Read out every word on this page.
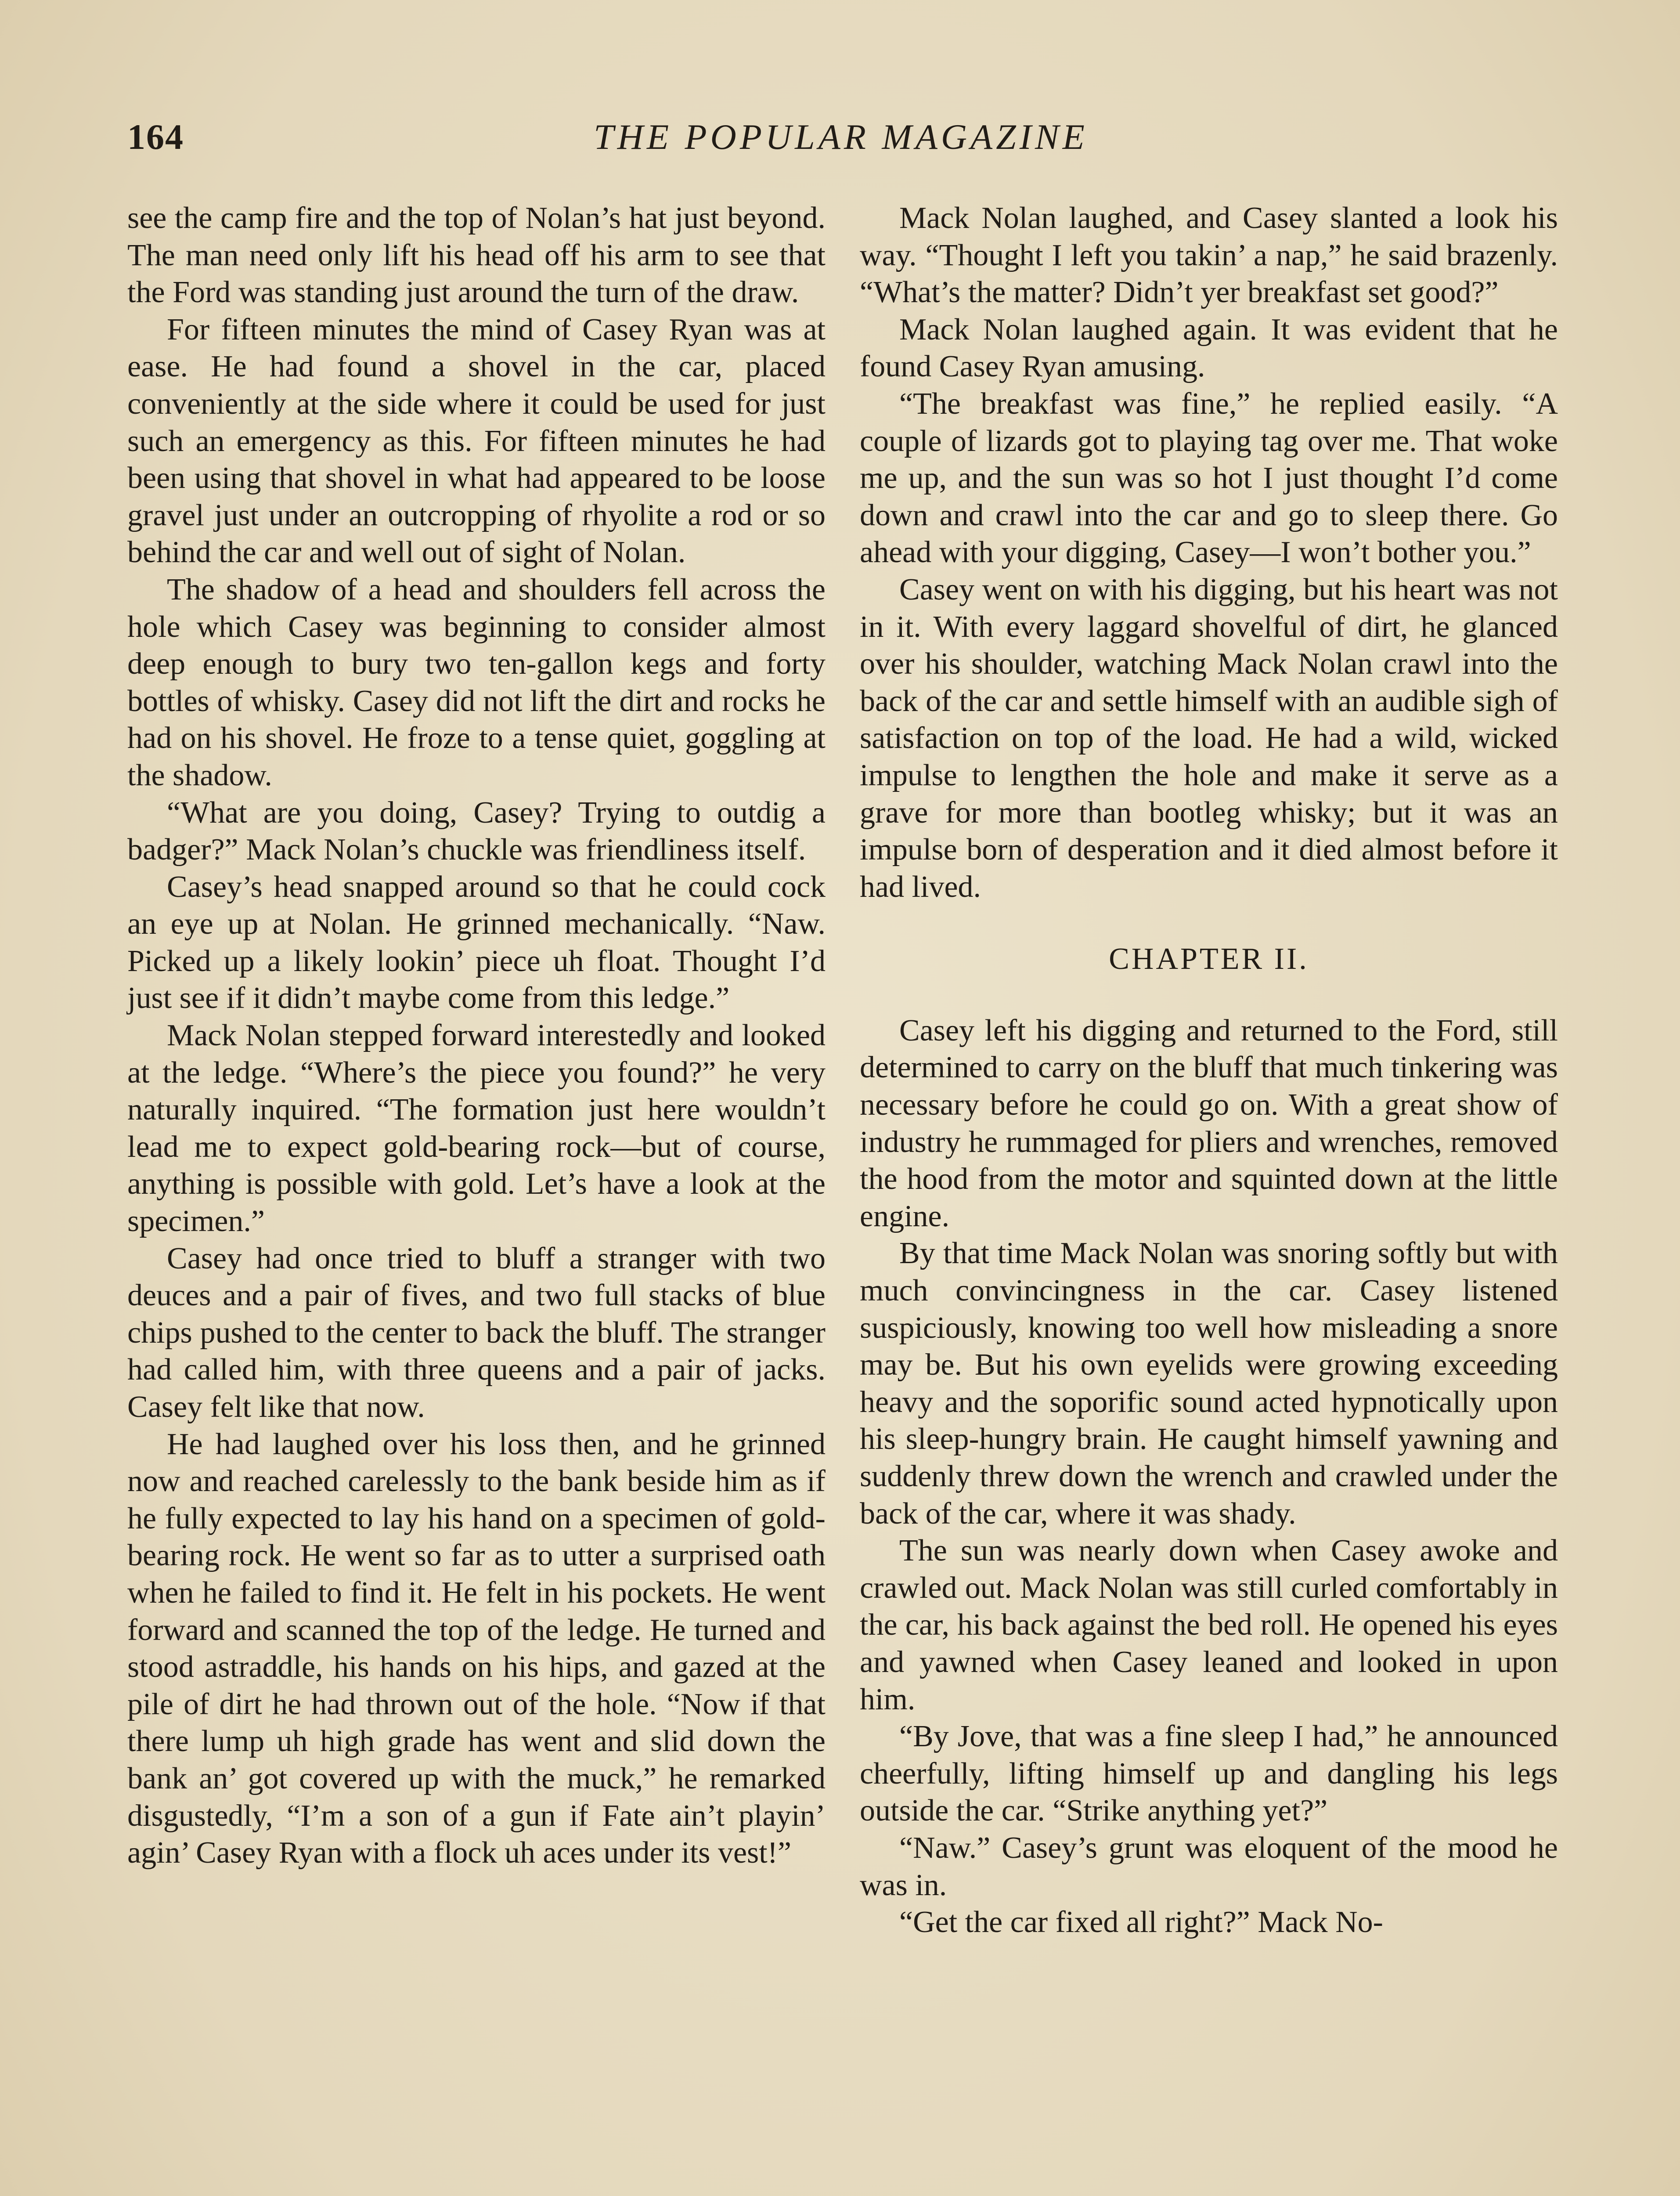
164	THE POPULAR MAGAZINE

see the camp fire and the top of Nolan’s hat just beyond. The man need only lift his head off his arm to see that the Ford was standing just around the turn of the draw.

For fifteen minutes the mind of Casey Ryan was at ease. He had found a shovel in the car, placed conveniently at the side where it could be used for just such an emergency as this. For fifteen minutes he had been using that shovel in what had appeared to be loose gravel just under an outcropping of rhyolite a rod or so behind the car and well out of sight of Nolan.

The shadow of a head and shoulders fell across the hole which Casey was beginning to consider almost deep enough to bury two ten-gallon kegs and forty bottles of whisky. Casey did not lift the dirt and rocks he had on his shovel. He froze to a tense quiet, goggling at the shadow.

“What are you doing, Casey? Trying to outdig a badger?” Mack Nolan’s chuckle was friendliness itself.

Casey’s head snapped around so that he could cock an eye up at Nolan. He grinned mechanically. “Naw. Picked up a likely lookin’ piece uh float. Thought I’d just see if it didn’t maybe come from this ledge.”

Mack Nolan stepped forward interestedly and looked at the ledge. “Where’s the piece you found?” he very naturally inquired. “The formation just here wouldn’t lead me to expect gold-bearing rock—but of course, anything is possible with gold. Let’s have a look at the specimen.”

Casey had once tried to bluff a stranger with two deuces and a pair of fives, and two full stacks of blue chips pushed to the center to back the bluff. The stranger had called him, with three queens and a pair of jacks. Casey felt like that now.

He had laughed over his loss then, and he grinned now and reached carelessly to the bank beside him as if he fully expected to lay his hand on a specimen of gold-bearing rock. He went so far as to utter a surprised oath when he failed to find it. He felt in his pockets. He went forward and scanned the top of the ledge. He turned and stood astraddle, his hands on his hips, and gazed at the pile of dirt he had thrown out of the hole. “Now if that there lump uh high grade has went and slid down the bank an’ got covered up with the muck,” he remarked disgustedly, “I’m a son of a gun if Fate ain’t playin’ agin’ Casey Ryan with a flock uh aces under its vest!”

Mack Nolan laughed, and Casey slanted a look his way. “Thought I left you takin’ a nap,” he said brazenly. “What’s the matter? Didn’t yer breakfast set good?”

Mack Nolan laughed again. It was evident that he found Casey Ryan amusing.

“The breakfast was fine,” he replied easily. “A couple of lizards got to playing tag over me. That woke me up, and the sun was so hot I just thought I’d come down and crawl into the car and go to sleep there. Go ahead with your digging, Casey—I won’t bother you.”

Casey went on with his digging, but his heart was not in it. With every laggard shovelful of dirt, he glanced over his shoulder, watching Mack Nolan crawl into the back of the car and settle himself with an audible sigh of satisfaction on top of the load. He had a wild, wicked impulse to lengthen the hole and make it serve as a grave for more than bootleg whisky; but it was an impulse born of desperation and it died almost before it had lived.

CHAPTER II.

Casey left his digging and returned to the Ford, still determined to carry on the bluff that much tinkering was necessary before he could go on. With a great show of industry he rummaged for pliers and wrenches, removed the hood from the motor and squinted down at the little engine.

By that time Mack Nolan was snoring softly but with much convincingness in the car. Casey listened suspiciously, knowing too well how misleading a snore may be. But his own eyelids were growing exceeding heavy and the soporific sound acted hypnotically upon his sleep-hungry brain. He caught himself yawning and suddenly threw down the wrench and crawled under the back of the car, where it was shady.

The sun was nearly down when Casey awoke and crawled out. Mack Nolan was still curled comfortably in the car, his back against the bed roll. He opened his eyes and yawned when Casey leaned and looked in upon him.

“By Jove, that was a fine sleep I had,” he announced cheerfully, lifting himself up and dangling his legs outside the car. “Strike anything yet?”

“Naw.” Casey’s grunt was eloquent of the mood he was in.

“Get the car fixed all right?” Mack No-
